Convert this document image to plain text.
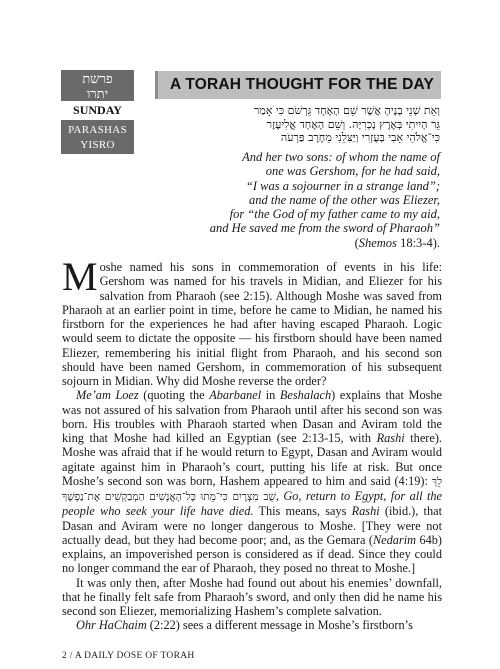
פרשת
יתרו
SUNDAY
PARASHAS
YISRO
A TORAH THOUGHT FOR THE DAY
וְאֵת שְׁנֵי בָנֶיהָ אֲשֶׁר שֵׁם הָאֶחָד גֵּרְשֹׁם כִּי אָמַר
גֵּר הָיִיתִי בְּאֶרֶץ נָכְרִיָּה. וְשֵׁם הָאֶחָד אֱלִיעֶזֶר
כִּי־אֱלֹהֵי אָבִי בְּעֶזְרִי וַיַּצִּלֵנִי מֵחֶרֶב פַּרְעֹה
And her two sons: of whom the name of
one was Gershom, for he had said,
“I was a sojourner in a strange land”;
and the name of the other was Eliezer,
for “the God of my father came to my aid,
and He saved me from the sword of Pharaoh”
(Shemos 18:3-4).

Moshe named his sons in commemoration of events in his life: Gershom was named for his travels in Midian, and Eliezer for his salvation from Pharaoh (see 2:15). Although Moshe was saved from Pharaoh at an earlier point in time, before he came to Midian, he named his firstborn for the experiences he had after having escaped Pharaoh. Logic would seem to dictate the opposite — his firstborn should have been named Eliezer, remembering his initial flight from Pharaoh, and his second son should have been named Gershom, in commemoration of his subsequent sojourn in Midian. Why did Moshe reverse the order?

Me’am Loez (quoting the Abarbanel in Beshalach) explains that Moshe was not assured of his salvation from Pharaoh until after his second son was born. His troubles with Pharaoh started when Dasan and Aviram told the king that Moshe had killed an Egyptian (see 2:13-15, with Rashi there). Moshe was afraid that if he would return to Egypt, Dasan and Aviram would agitate against him in Pharaoh’s court, putting his life at risk. But once Moshe’s second son was born, Hashem appeared to him and said (4:19): לֵךְ שֻׁב מִצְרָיִם כִּי־מֵתוּ כָּל־הָאֲנָשִׁים הַמְבַקְשִׁים אֶת־נַפְשֶׁךָ, Go, return to Egypt, for all the people who seek your life have died. This means, says Rashi (ibid.), that Dasan and Aviram were no longer dangerous to Moshe. [They were not actually dead, but they had become poor; and, as the Gemara (Nedarim 64b) explains, an impoverished person is considered as if dead. Since they could no longer command the ear of Pharaoh, they posed no threat to Moshe.]

It was only then, after Moshe had found out about his enemies’ downfall, that he finally felt safe from Pharaoh’s sword, and only then did he name his second son Eliezer, memorializing Hashem’s complete salvation.

Ohr HaChaim (2:22) sees a different message in Moshe’s firstborn’s

2 / A DAILY DOSE OF TORAH
